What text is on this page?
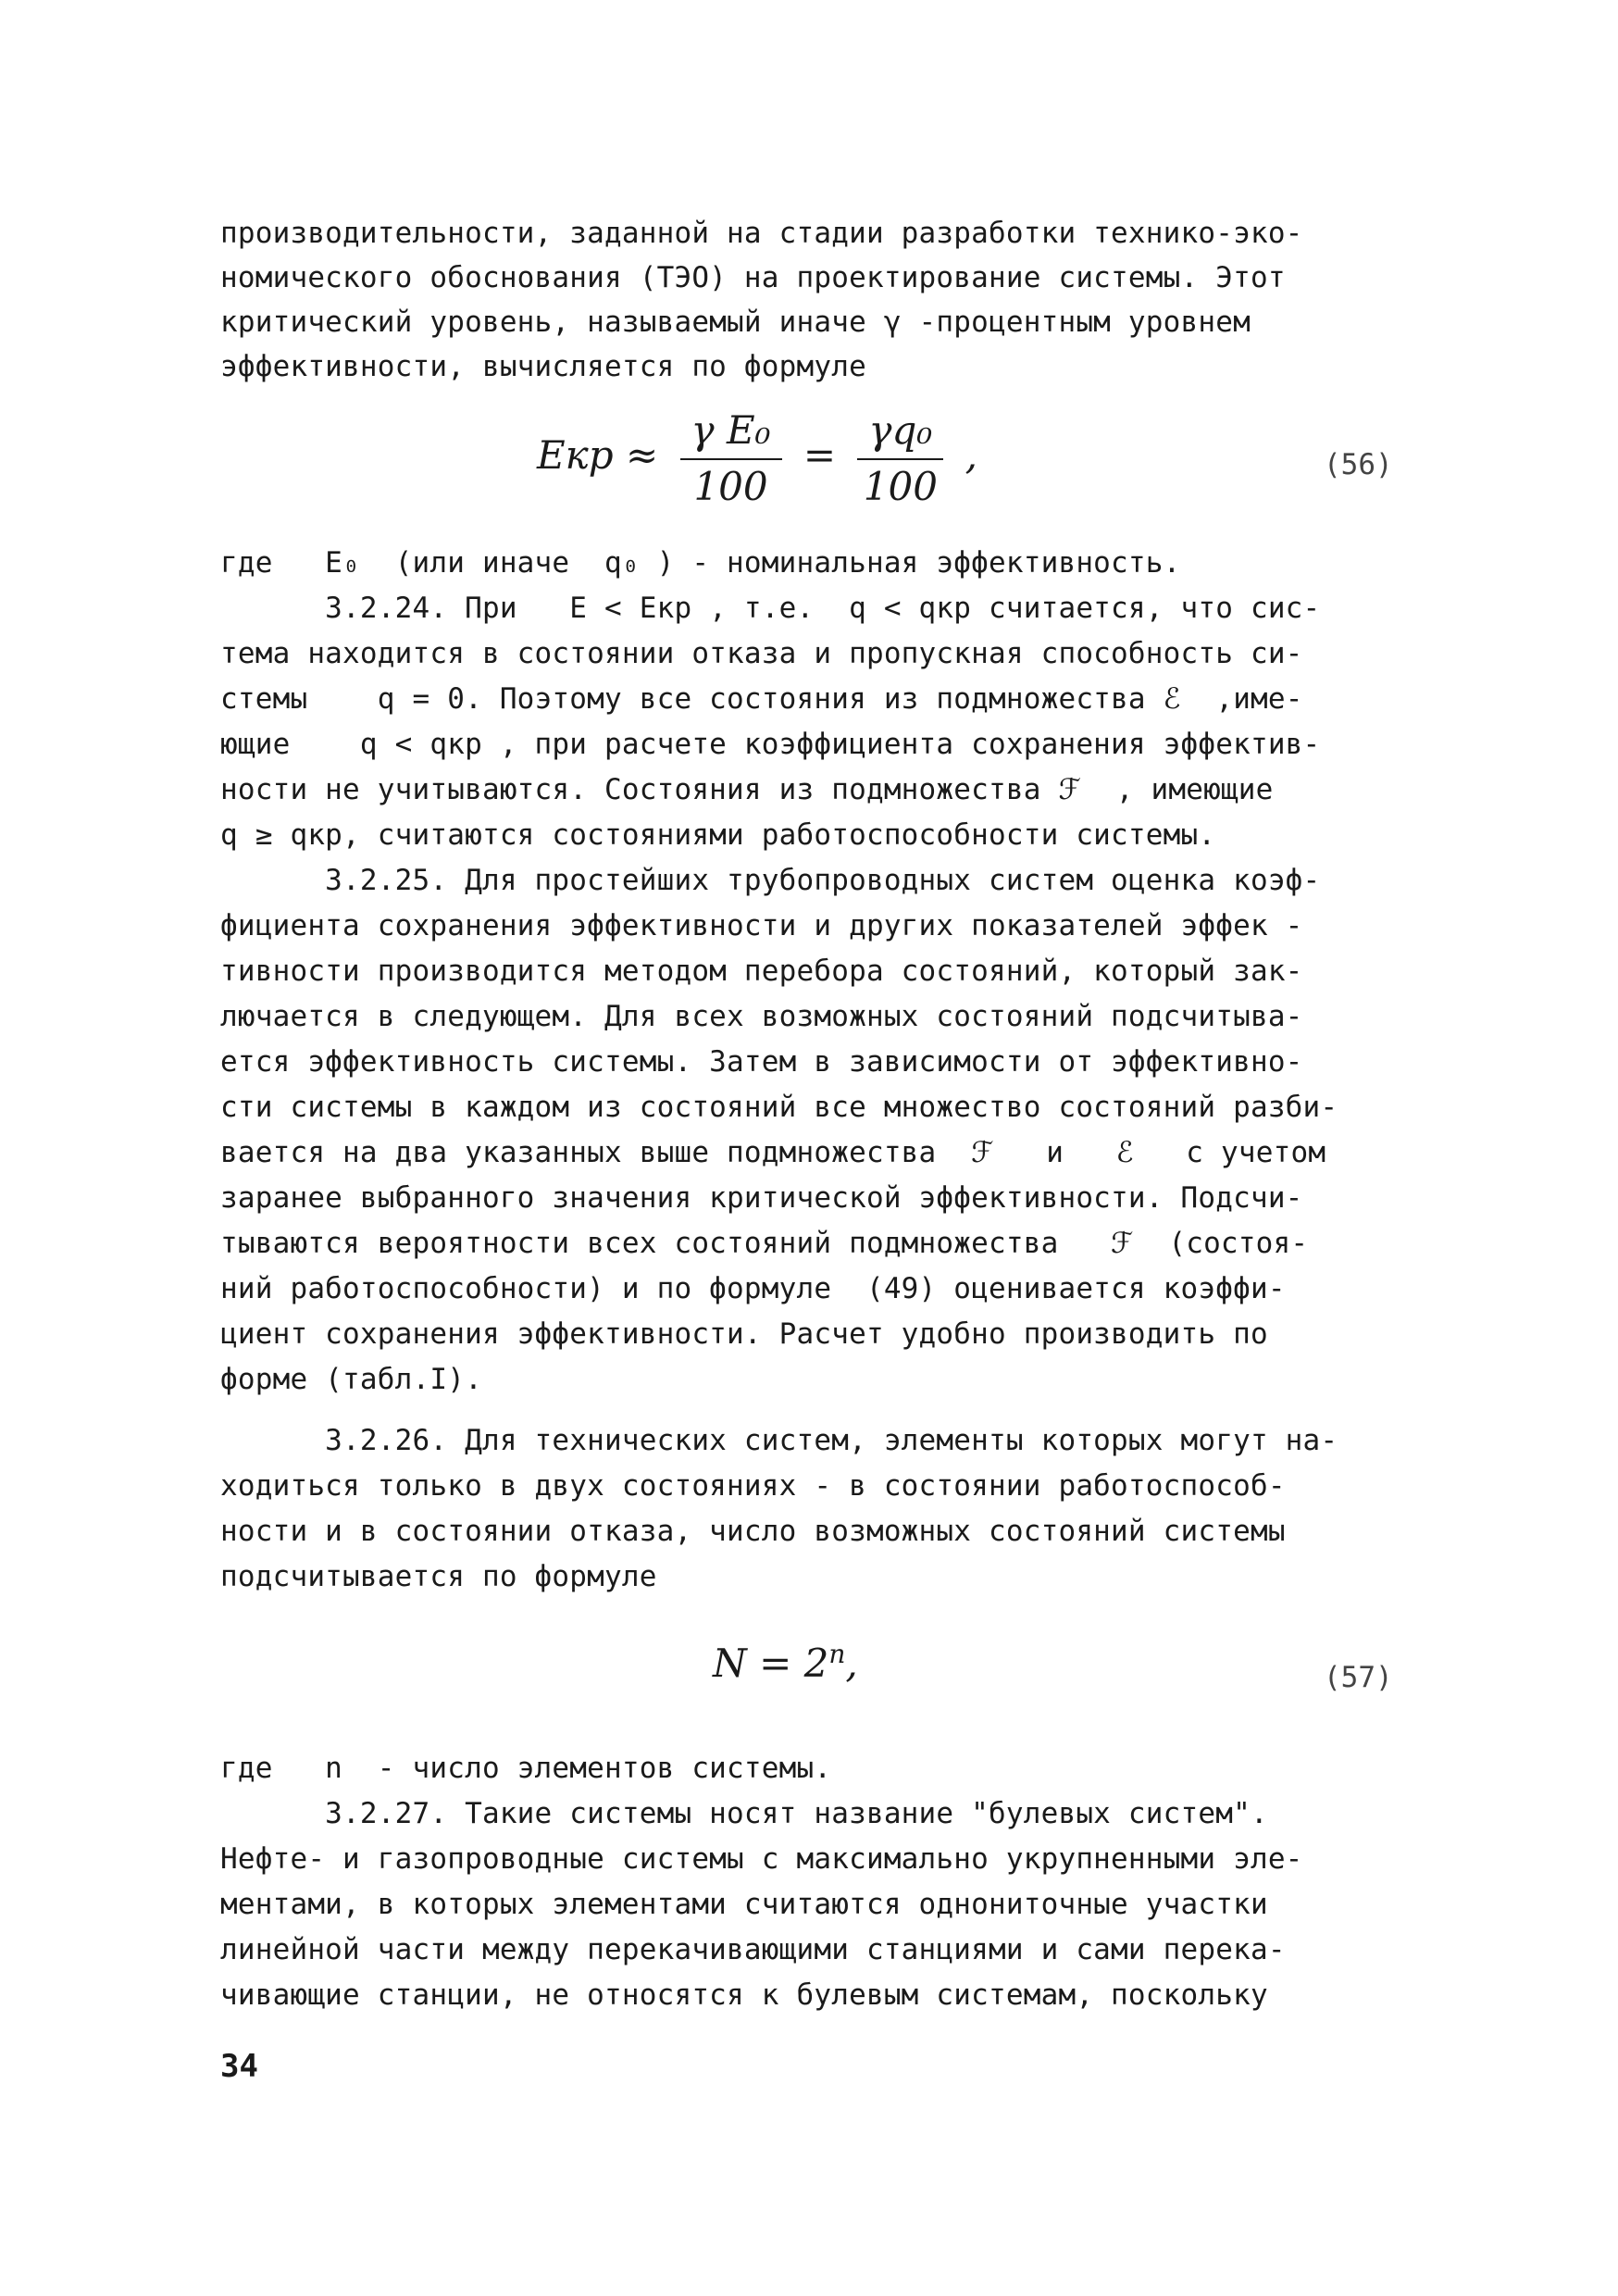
производительности, заданной на стадии разработки технико-эко-
номического обоснования (ТЭО) на проектирование системы. Этот
критический уровень, называемый иначе γ -процентным уровнем
эффективности, вычисляется по формуле
Eкр ≈ $\frac{\text{γ E₀}}{100} = \frac{\text{γq₀}}{100}$ ,	(56)
где   E₀  (или иначе  q₀ ) - номинальная эффективность.
3.2.24. При   E < Eкр , т.е.  q < qкр считается, что сис-
тема находится в состоянии отказа и пропускная способность си-
стемы    q = 0. Поэтому все состояния из подмножества ℰ  ,име-
ющие    q < qкр , при расчете коэффициента сохранения эффектив-
ности не учитываются. Состояния из подмножества ℱ  , имеющие
q ≥ qкр, считаются состояниями работоспособности системы.
3.2.25. Для простейших трубопроводных систем оценка коэф-
фициента сохранения эффективности и других показателей эффек -
тивности производится методом перебора состояний, который зак-
лючается в следующем. Для всех возможных состояний подсчитыва-
ется эффективность системы. Затем в зависимости от эффективно-
сти системы в каждом из состояний все множество состояний разби-
вается на два указанных выше подмножества  ℱ   и   ℰ   с учетом
заранее выбранного значения критической эффективности. Подсчи-
тываются вероятности всех состояний подмножества   ℱ  (состоя-
ний работоспособности) и по формуле  (49) оценивается коэффи-
циент сохранения эффективности. Расчет удобно производить по
форме (табл.I).
3.2.26. Для технических систем, элементы которых могут на-
ходиться только в двух состояниях - в состоянии работоспособ-
ности и в состоянии отказа, число возможных состояний системы
подсчитывается по формуле
$N = 2^n$,	(57)
где   n  - число элементов системы.
3.2.27. Такие системы носят название "булевых систем".
Нефте- и газопроводные системы с максимально укрупненными эле-
ментами, в которых элементами считаются однониточные участки
линейной части между перекачивающими станциями и сами перека-
чивающие станции, не относятся к булевым системам, поскольку
34
